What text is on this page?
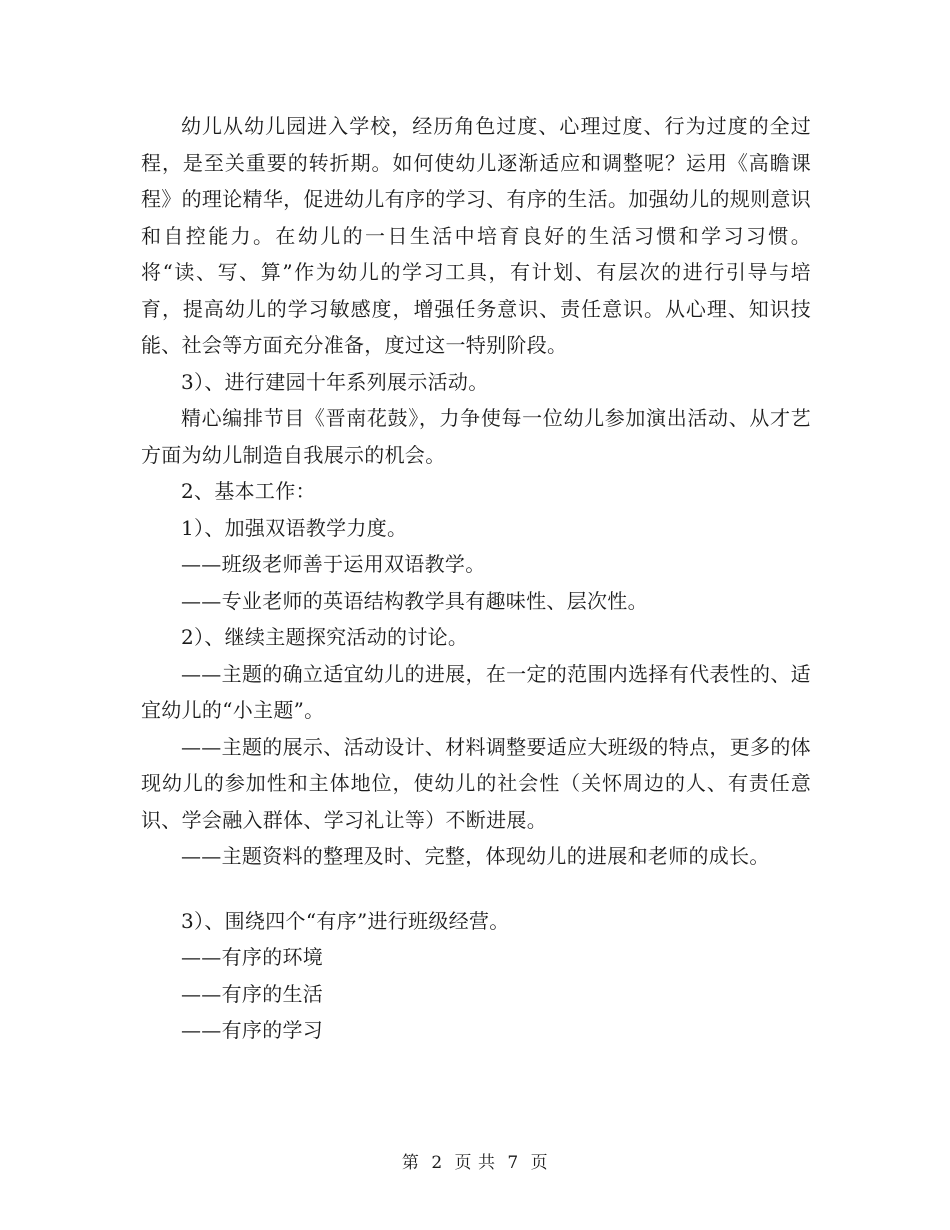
幼儿从幼儿园进入学校，经历角色过度、心理过度、行为过度的全过程，是至关重要的转折期。如何使幼儿逐渐适应和调整呢？运用《高瞻课程》的理论精华，促进幼儿有序的学习、有序的生活。加强幼儿的规则意识和自控能力。在幼儿的一日生活中培育良好的生活习惯和学习习惯。将“读、写、算”作为幼儿的学习工具，有计划、有层次的进行引导与培育，提高幼儿的学习敏感度，增强任务意识、责任意识。从心理、知识技能、社会等方面充分准备，度过这一特别阶段。

3）、进行建园十年系列展示活动。

精心编排节目《晋南花鼓》，力争使每一位幼儿参加演出活动、从才艺方面为幼儿制造自我展示的机会。

2、基本工作：

1）、加强双语教学力度。

——班级老师善于运用双语教学。

——专业老师的英语结构教学具有趣味性、层次性。

2）、继续主题探究活动的讨论。

——主题的确立适宜幼儿的进展，在一定的范围内选择有代表性的、适宜幼儿的“小主题”。

——主题的展示、活动设计、材料调整要适应大班级的特点，更多的体现幼儿的参加性和主体地位，使幼儿的社会性（关怀周边的人、有责任意识、学会融入群体、学习礼让等）不断进展。

——主题资料的整理及时、完整，体现幼儿的进展和老师的成长。

3）、围绕四个“有序”进行班级经营。

——有序的环境

——有序的生活

——有序的学习

第 2 页 共 7 页
